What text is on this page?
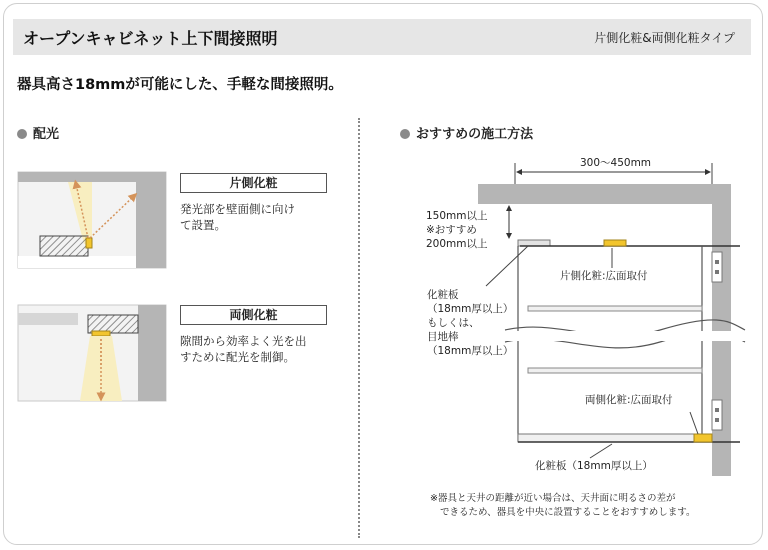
オープンキャビネット上下間接照明	片側化粧&両側化粧タイプ
器具高さ18mmが可能にした、手軽な間接照明。
配光
片側化粧
発光部を壁面側に向け
て設置。
両側化粧
隙間から効率よく光を出
すために配光を制御。
おすすめの施工方法
300～450mm
150mm以上
※おすすめ
200mm以上
片側化粧:広面取付
化粧板
（18mm厚以上）
もしくは、
目地棒
（18mm厚以上）
両側化粧:広面取付
化粧板（18mm厚以上）
※器具と天井の距離が近い場合は、天井面に明るさの差が
できるため、器具を中央に設置することをおすすめします。
